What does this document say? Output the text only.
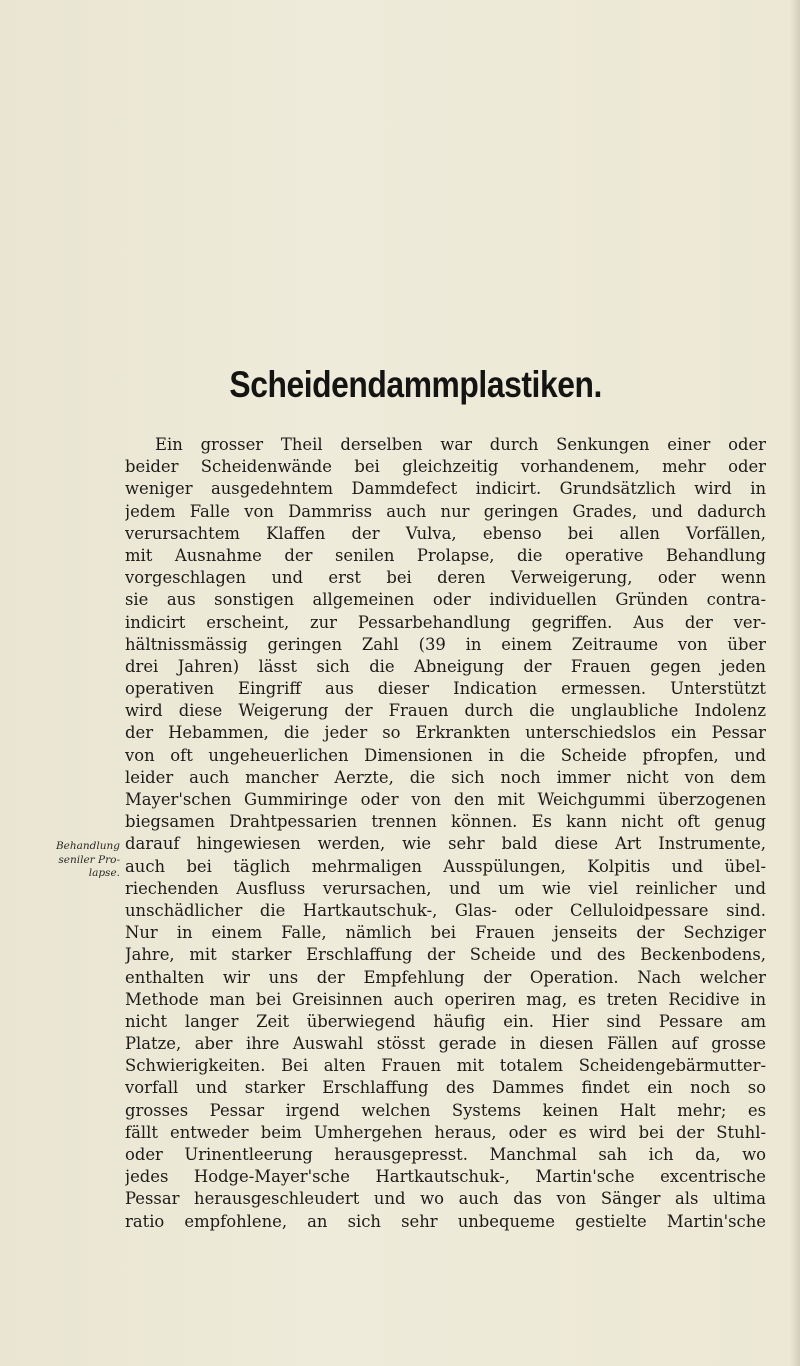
Scheidendammplastiken.
Behandlung
seniler Pro-
lapse.
Ein grosser Theil derselben war durch Senkungen einer oder
beider Scheidenwände bei gleichzeitig vorhandenem, mehr oder
weniger ausgedehntem Dammdefect indicirt. Grundsätzlich wird in
jedem Falle von Dammriss auch nur geringen Grades, und dadurch
verursachtem Klaffen der Vulva, ebenso bei allen Vorfällen,
mit Ausnahme der senilen Prolapse, die operative Behandlung
vorgeschlagen und erst bei deren Verweigerung, oder wenn
sie aus sonstigen allgemeinen oder individuellen Gründen contra-
indicirt erscheint, zur Pessarbehandlung gegriffen. Aus der ver-
hältnissmässig geringen Zahl (39 in einem Zeitraume von über
drei Jahren) lässt sich die Abneigung der Frauen gegen jeden
operativen Eingriff aus dieser Indication ermessen. Unterstützt
wird diese Weigerung der Frauen durch die unglaubliche Indolenz
der Hebammen, die jeder so Erkrankten unterschiedslos ein Pessar
von oft ungeheuerlichen Dimensionen in die Scheide pfropfen, und
leider auch mancher Aerzte, die sich noch immer nicht von dem
Mayer'schen Gummiringe oder von den mit Weichgummi überzogenen
biegsamen Drahtpessarien trennen können. Es kann nicht oft genug
darauf hingewiesen werden, wie sehr bald diese Art Instrumente,
auch bei täglich mehrmaligen Ausspülungen, Kolpitis und übel-
riechenden Ausfluss verursachen, und um wie viel reinlicher und
unschädlicher die Hartkautschuk-, Glas- oder Celluloidpessare sind.
Nur in einem Falle, nämlich bei Frauen jenseits der Sechziger
Jahre, mit starker Erschlaffung der Scheide und des Beckenbodens,
enthalten wir uns der Empfehlung der Operation. Nach welcher
Methode man bei Greisinnen auch operiren mag, es treten Recidive in
nicht langer Zeit überwiegend häufig ein. Hier sind Pessare am
Platze, aber ihre Auswahl stösst gerade in diesen Fällen auf grosse
Schwierigkeiten. Bei alten Frauen mit totalem Scheidengebärmutter-
vorfall und starker Erschlaffung des Dammes findet ein noch so
grosses Pessar irgend welchen Systems keinen Halt mehr; es
fällt entweder beim Umhergehen heraus, oder es wird bei der Stuhl-
oder Urinentleerung herausgepresst. Manchmal sah ich da, wo
jedes Hodge-Mayer'sche Hartkautschuk-, Martin'sche excentrische
Pessar herausgeschleudert und wo auch das von Sänger als ultima
ratio empfohlene, an sich sehr unbequeme gestielte Martin'sche
